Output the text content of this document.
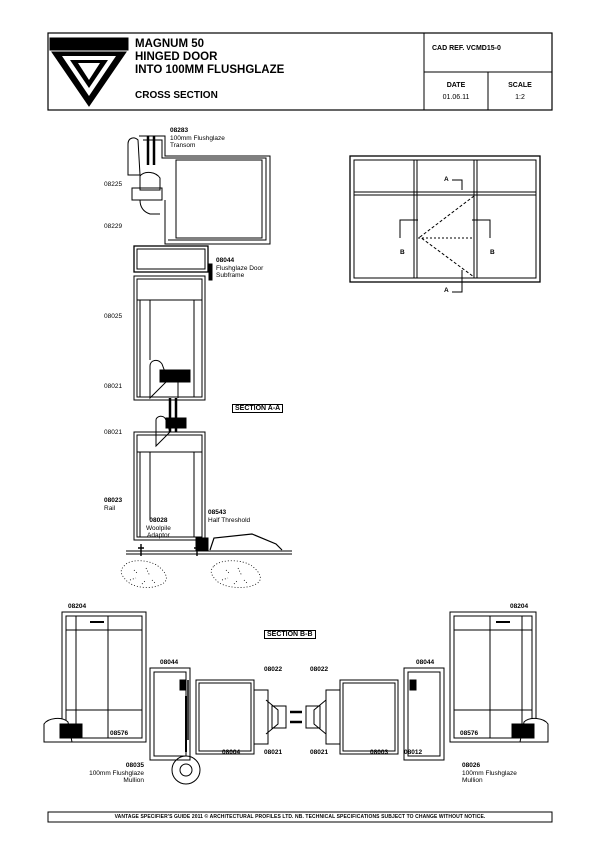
MAGNUM 50
HINGED DOOR
INTO 100MM FLUSHGLAZE
CROSS SECTION
CAD REF. VCMD15-0
DATE
01.06.11
SCALE
1:2
08283
100mm Flushglaze
Transom
08225
08229
08044
Flushglaze Door
Subframe
08025
08021
SECTION A-A
08021
08023
Rail
08028
Woolpile
Adaptor
08543
Half Threshold
A
A
B	B
08204	08204
SECTION B-B
08044	08044
08022	08022
08576	08576
08004	08021	08021	08003 08012
08035
100mm Flushglaze
Mullion
08026
100mm Flushglaze
Mullion
VANTAGE SPECIFIER'S GUIDE 2011 © ARCHITECTURAL PROFILES LTD. NB. TECHNICAL SPECIFICATIONS SUBJECT TO CHANGE WITHOUT NOTICE.
